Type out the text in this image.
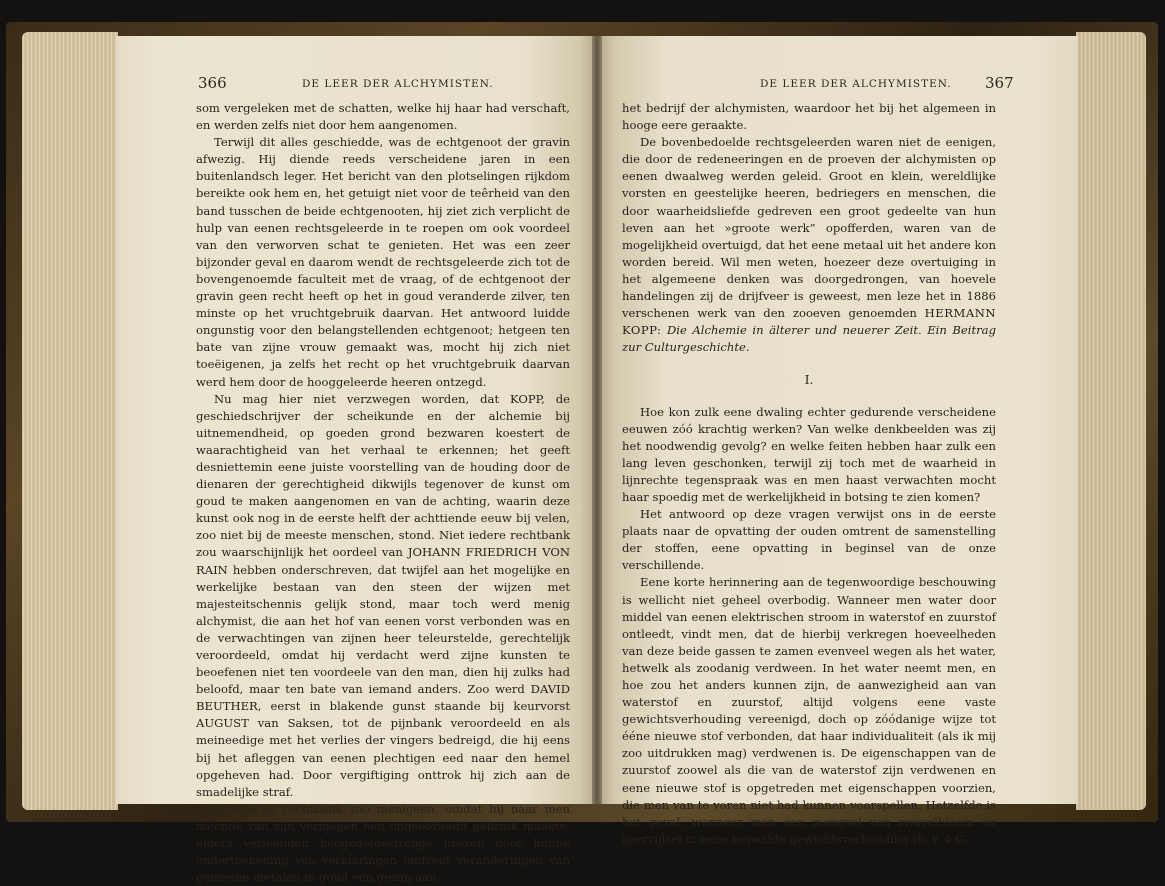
366	DE LEER DER ALCHYMISTEN.	DE LEER DER ALCHYMISTEN. 367

som vergeleken met de schatten, welke hij haar had verschaft, en werden zelfs niet door hem aangenomen.

Terwijl dit alles geschiedde, was de echtgenoot der gravin afwezig. Hij diende reeds verscheidene jaren in een buitenlandsch leger. Het bericht van den plotselingen rijkdom bereikte ook hem en, het getuigt niet voor de teêrheid van den band tusschen de beide echtgenooten, hij ziet zich verplicht de hulp van eenen rechtsgeleerde in te roepen om ook voordeel van den verworven schat te genieten. Het was een zeer bijzonder geval en daarom wendt de rechtsgeleerde zich tot de bovengenoemde faculteit met de vraag, of de echtgenoot der gravin geen recht heeft op het in goud veranderde zilver, ten minste op het vruchtgebruik daarvan. Het antwoord luidde ongunstig voor den belangstellenden echtgenoot; hetgeen ten bate van zijne vrouw gemaakt was, mocht hij zich niet toeëigenen, ja zelfs het recht op het vruchtgebruik daarvan werd hem door de hooggeleerde heeren ontzegd.

Nu mag hier niet verzwegen worden, dat KOPP, de geschiedschrijver der scheikunde en der alchemie bij uitnemendheid, op goeden grond bezwaren koestert de waarachtigheid van het verhaal te erkennen; het geeft desniettemin eene juiste voorstelling van de houding door de dienaren der gerechtigheid dikwijls tegenover de kunst om goud te maken aangenomen en van de achting, waarin deze kunst ook nog in de eerste helft der achttiende eeuw bij velen, zoo niet bij de meeste menschen, stond. Niet iedere rechtbank zou waarschijnlijk het oordeel van JOHANN FRIEDRICH VON RAIN hebben onderschreven, dat twijfel aan het mogelijke en werkelijke bestaan van den steen der wijzen met majesteitschennis gelijk stond, maar toch werd menig alchymist, die aan het hof van eenen vorst verbonden was en de verwachtingen van zijnen heer teleurstelde, gerechtelijk veroordeeld, omdat hij verdacht werd zijne kunsten te beoefenen niet ten voordeele van den man, dien hij zulks had beloofd, maar ten bate van iemand anders. Zoo werd DAVID BEUTHER, eerst in blakende gunst staande bij keurvorst AUGUST van Saksen, tot de pijnbank veroordeeld en als meineedige met het verlies der vingers bedreigd, die hij eens bij het afleggen van eenen plechtigen eed naar den hemel opgeheven had. Door vergiftiging onttrok hij zich aan de smadelijke straf.

Strafte de rechtbank zoo menigeen, omdat hij naar men meende van zijn vermogen een ongeoorloofd gebruik maakte, elders verleenden hoogedelgestrenge heeren door hunne onderteekening van verklaringen omtrent veranderingen van gemeene metalen in goud een gezag aan

het bedrijf der alchymisten, waardoor het bij het algemeen in hooge eere geraakte.

De bovenbedoelde rechtsgeleerden waren niet de eenigen, die door de redeneeringen en de proeven der alchymisten op eenen dwaalweg werden geleid. Groot en klein, wereldlijke vorsten en geestelijke heeren, bedriegers en menschen, die door waarheidsliefde gedreven een groot gedeelte van hun leven aan het »groote werk” opofferden, waren van de mogelijkheid overtuigd, dat het eene metaal uit het andere kon worden bereid. Wil men weten, hoezeer deze overtuiging in het algemeene denken was doorgedrongen, van hoevele handelingen zij de drijfveer is geweest, men leze het in 1886 verschenen werk van den zooeven genoemden HERMANN KOPP: Die Alchemie in älterer und neuerer Zeit. Ein Beitrag zur Culturgeschichte.

I.

Hoe kon zulk eene dwaling echter gedurende verscheidene eeuwen zóó krachtig werken? Van welke denkbeelden was zij het noodwendig gevolg? en welke feiten hebben haar zulk een lang leven geschonken, terwijl zij toch met de waarheid in lijnrechte tegenspraak was en men haast verwachten mocht haar spoedig met de werkelijkheid in botsing te zien komen?

Het antwoord op deze vragen verwijst ons in de eerste plaats naar de opvatting der ouden omtrent de samenstelling der stoffen, eene opvatting in beginsel van de onze verschillende.

Eene korte herinnering aan de tegenwoordige beschouwing is wellicht niet geheel overbodig. Wanneer men water door middel van eenen elektrischen stroom in waterstof en zuurstof ontleedt, vindt men, dat de hierbij verkregen hoeveelheden van deze beide gassen te zamen evenveel wegen als het water, hetwelk als zoodanig verdween. In het water neemt men, en hoe zou het anders kunnen zijn, de aanwezigheid aan van waterstof en zuurstof, altijd volgens eene vaste gewichtsverhouding vereenigd, doch op zóódanige wijze tot ééne nieuwe stof verbonden, dat haar individualiteit (als ik mij zoo uitdrukken mag) verdwenen is. De eigenschappen van de zuurstof zoowel als die van de waterstof zijn verdwenen en eene nieuwe stof is opgetreden met eigenschappen voorzien, die men van te voren niet had kunnen voorspellen. Hetzelfde is het geval, wanneer men een mengsel van zwavelbloem en ijzervijlsel in eene bepaalde gewichtsverhouding (b. v. 4 G.
